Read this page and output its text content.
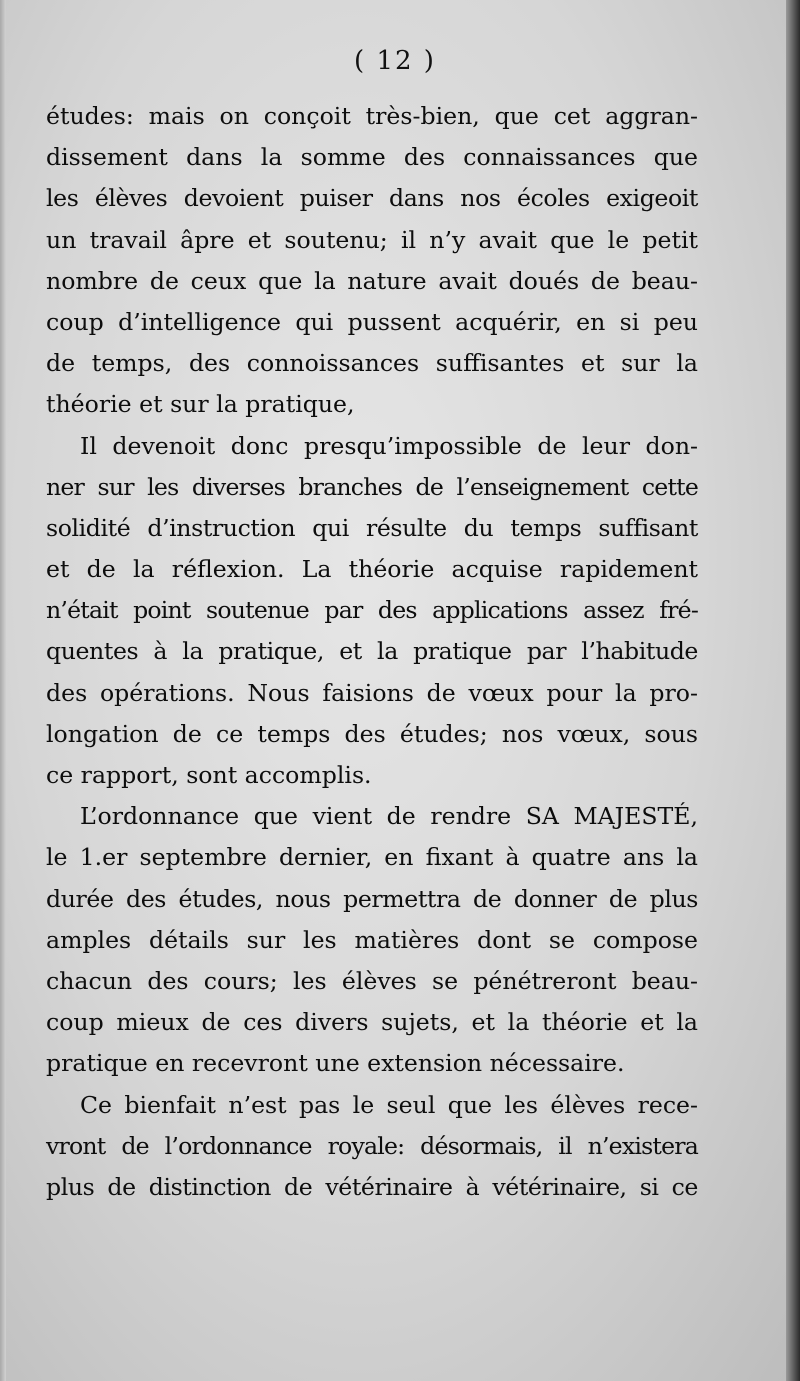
( 12 )
études: mais on conçoit très-bien, que cet aggran-
dissement dans la somme des connaissances que
les élèves devoient puiser dans nos écoles exigeoit
un travail âpre et soutenu; il n’y avait que le petit
nombre de ceux que la nature avait doués de beau-
coup d’intelligence qui pussent acquérir, en si peu
de temps, des connoissances suffisantes et sur la
théorie et sur la pratique,
Il devenoit donc presqu’impossible de leur don-
ner sur les diverses branches de l’enseignement cette
solidité d’instruction qui résulte du temps suffisant
et de la réflexion. La théorie acquise rapidement
n’était point soutenue par des applications assez fré-
quentes à la pratique, et la pratique par l’habitude
des opérations. Nous faisions de vœux pour la pro-
longation de ce temps des études; nos vœux, sous
ce rapport, sont accomplis.
L’ordonnance que vient de rendre SA MAJESTÉ,
le 1.er septembre dernier, en fixant à quatre ans la
durée des études, nous permettra de donner de plus
amples détails sur les matières dont se compose
chacun des cours; les élèves se pénétreront beau-
coup mieux de ces divers sujets, et la théorie et la
pratique en recevront une extension nécessaire.
Ce bienfait n’est pas le seul que les élèves rece-
vront de l’ordonnance royale: désormais, il n’existera
plus de distinction de vétérinaire à vétérinaire, si ce
